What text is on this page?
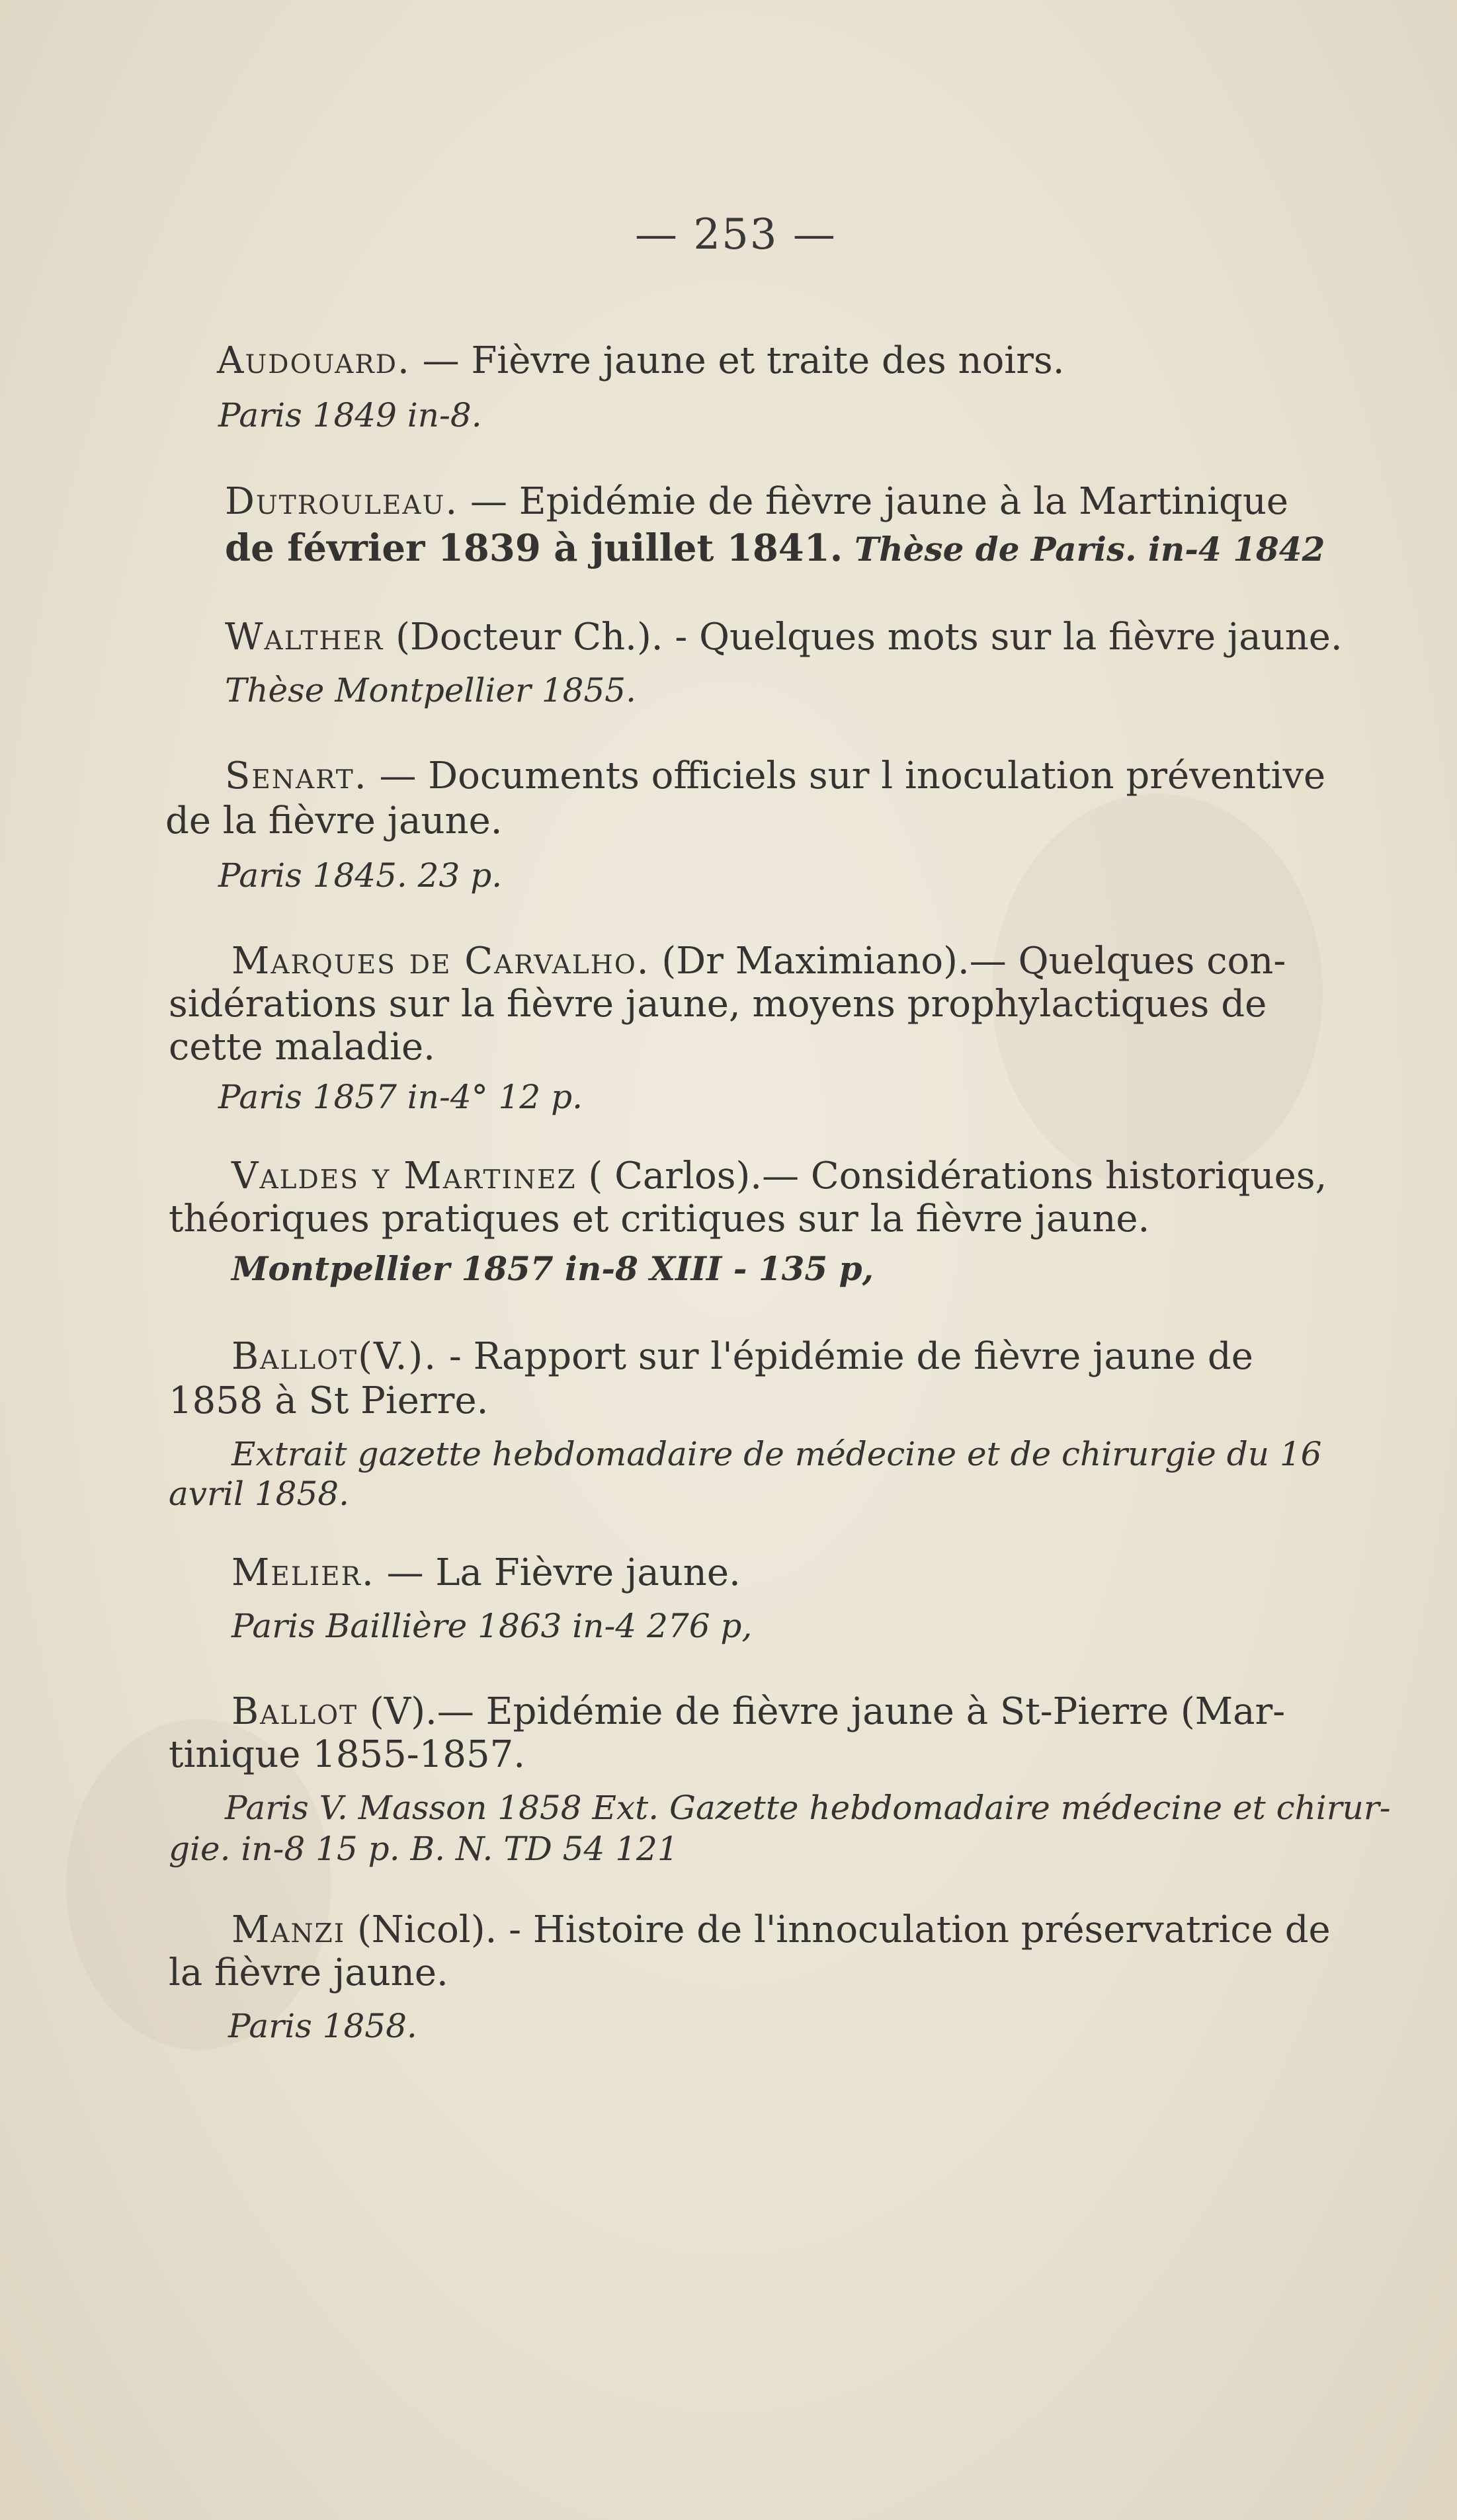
— 253 —
Audouard. — Fièvre jaune et traite des noirs.
Paris 1849 in-8.
Dutrouleau. — Epidémie de fièvre jaune à la Martinique
de février 1839 à juillet 1841. Thèse de Paris. in-4 1842
Walther (Docteur Ch.). - Quelques mots sur la fièvre jaune.
Thèse Montpellier 1855.
Senart. — Documents officiels sur l inoculation préventive
de la fièvre jaune.
Paris 1845. 23 p.
Marques de Carvalho. (Dr Maximiano).— Quelques con-
sidérations sur la fièvre jaune, moyens prophylactiques de
cette maladie.
Paris 1857 in-4° 12 p.
Valdes y Martinez ( Carlos).— Considérations historiques,
théoriques pratiques et critiques sur la fièvre jaune.
Montpellier 1857 in-8 XIII - 135 p,
Ballot(V.). - Rapport sur l'épidémie de fièvre jaune de
1858 à St Pierre.
Extrait gazette hebdomadaire de médecine et de chirurgie du 16
avril 1858.
Melier. — La Fièvre jaune.
Paris Baillière 1863 in-4 276 p,
Ballot (V).— Epidémie de fièvre jaune à St-Pierre (Mar-
tinique 1855-1857.
Paris V. Masson 1858 Ext. Gazette hebdomadaire médecine et chirur-
gie. in-8 15 p. B. N. TD 54 121
Manzi (Nicol). - Histoire de l'innoculation préservatrice de
la fièvre jaune.
Paris 1858.
